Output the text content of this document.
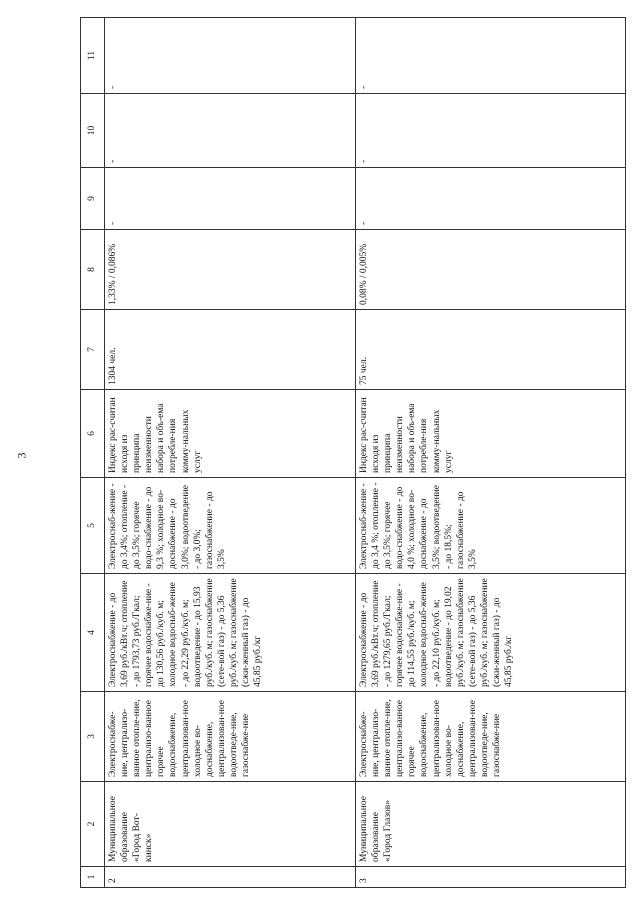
3
1	2	3	4	5	6	7	8	9	10	11
2	Муниципальное образование «Город Вот-кинск»	Электроснабже-ние, централизо-ванное отопле-ние, централизо-ванное горячее водоснабжение, централизован-ное холодное во-доснабжение, централизован-ное водоотведе-ние, газоснабже-ние	Электроснабжение - до 3,69 руб./кВт.ч; отопление - до 1793,73 руб./Гкал; горячее водоснабже-ние - до 130,56 руб./куб. м; холодное водоснаб-жение - до 22,29 руб./куб. м; водоотведение - до 15,93 руб./куб. м; газоснабжение (сете-вой газ) - до 5,36 руб./куб. м; газоснабжение (сжи-женный газ) - до 45,85 руб./кг	Электроснаб-жение - до 3,4%; отопление - до 3,5%; горячее водо-снабжение - до 9,3 %; холодное во-доснабжение - до 3,0%; водоотведение - до 3,0%; газоснабжение - до 3,5%	Индекс рас-считан исходя из принципа неизменности набора и объ-ема потребле-ния комму-нальных услуг	1304 чел.	1,33% / 0,086%	-	-	-
3	Муниципальное образование «Город Глазов»	Электроснабже-ние, централизо-ванное отопле-ние, централизо-ванное горячее водоснабжение, централизован-ное холодное во-доснабжение, централизован-ное водоотведе-ние, газоснабже-ние	Электроснабжение - до 3,69 руб./кВт.ч; отопление - до 1279,65 руб./Гкал; горячее водоснабже-ние - до 114,55 руб./куб. м; холодное водоснаб-жение - до 22,10 руб./куб. м; водоотведение - до 19,02 руб./куб. м; газоснабжение (сете-вой газ) - до 5,36 руб./куб. м; газоснабжение (сжи-женный газ) - до 45,85 руб./кг	Электроснаб-жение - до 3,4 %; отопление - до 3,5%; горячее водо-снабжение - до 4,0 %; холодное во-доснабжение - до 3,5%; водоотведение - до 18,5%; газоснабжение - до 3,5%	Индекс рас-считан исходя из принципа неизменности набора и объ-ема потребле-ния комму-нальных услуг	75 чел.	0,08% / 0,005%	-	-	-
